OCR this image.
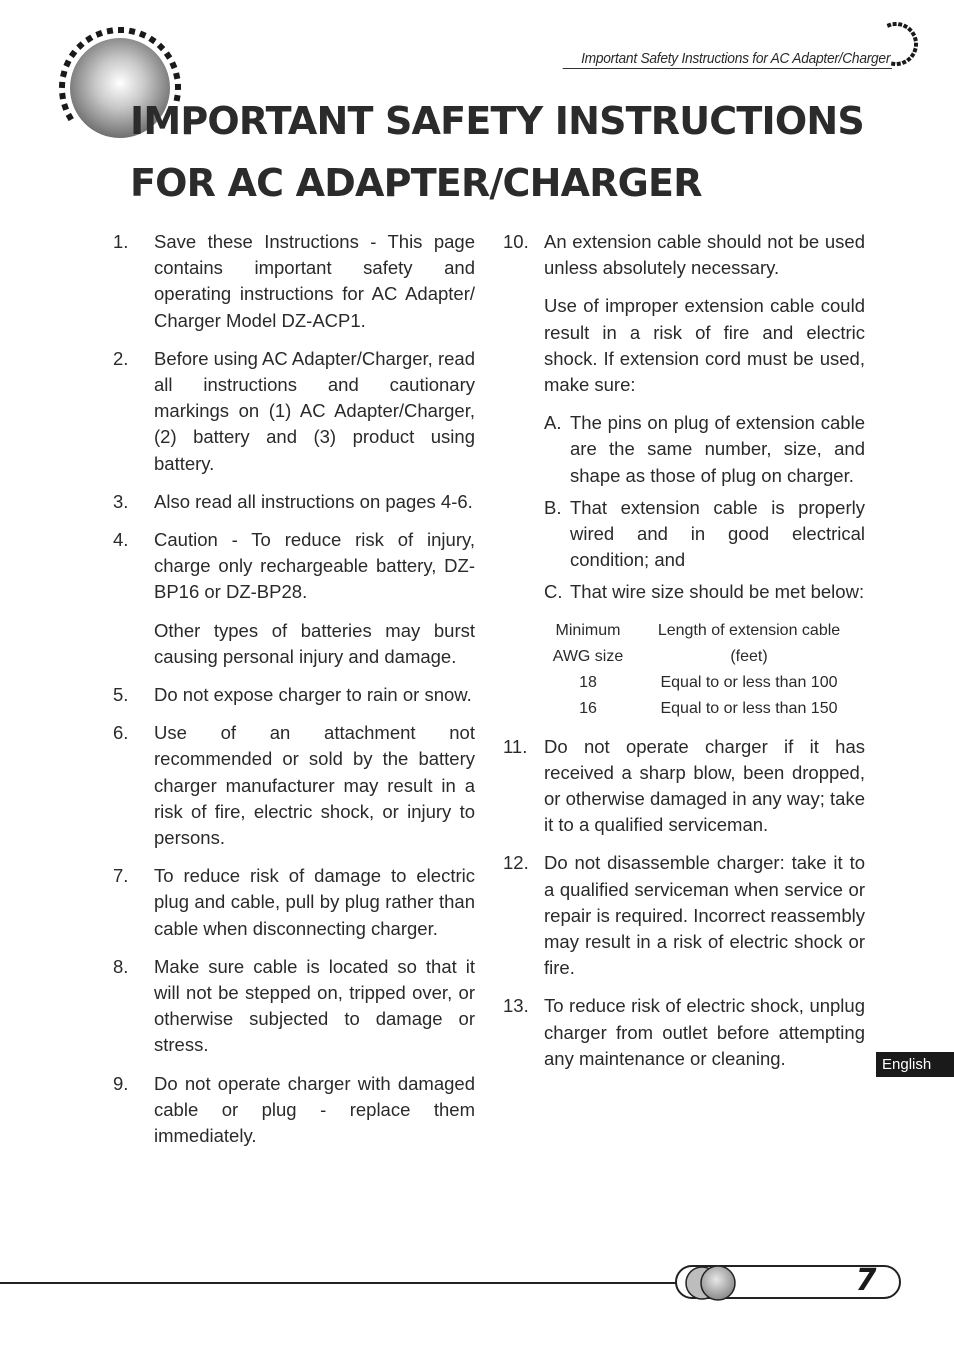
Important Safety Instructions for AC Adapter/Charger
IMPORTANT SAFETY INSTRUCTIONS
FOR AC ADAPTER/CHARGER
1.	Save these Instructions - This page contains important safety and operating instructions for AC Adapter/ Charger Model DZ-ACP1.

2.	Before using AC Adapter/Charger, read all instructions and cautionary markings on (1) AC Adapter/Charger, (2) battery and (3) product using battery.

3.	Also read all instructions on pages 4-6.

4.	Caution - To reduce risk of injury, charge only rechargeable battery, DZ-BP16 or DZ-BP28.

Other types of batteries may burst causing personal injury and damage.

5.	Do not expose charger to rain or snow.

6.	Use of an attachment not recommended or sold by the battery charger manufacturer may result in a risk of fire, electric shock, or injury to persons.

7.	To reduce risk of damage to electric plug and cable, pull by plug rather than cable when disconnecting charger.

8.	Make sure cable is located so that it will not be stepped on, tripped over, or otherwise subjected to damage or stress.

9.	Do not operate charger with damaged cable or plug - replace them immediately.

10. An extension cable should not be used unless absolutely necessary.

Use of improper extension cable could result in a risk of fire and electric shock. If extension cord must be used, make sure:

A. The pins on plug of extension cable are the same number, size, and shape as those of plug on charger.
B. That extension cable is properly wired and in good electrical condition; and
C. That wire size should be met below:
Minimum	Length of extension cable
AWG size	(feet)
18	Equal to or less than 100
16	Equal to or less than 150
11. Do not operate charger if it has received a sharp blow, been dropped, or otherwise damaged in any way; take it to a qualified serviceman.

12. Do not disassemble charger: take it to a qualified serviceman when service or repair is required. Incorrect reassembly may result in a risk of electric shock or fire.

13. To reduce risk of electric shock, unplug charger from outlet before attempting any maintenance or cleaning.	English
7
